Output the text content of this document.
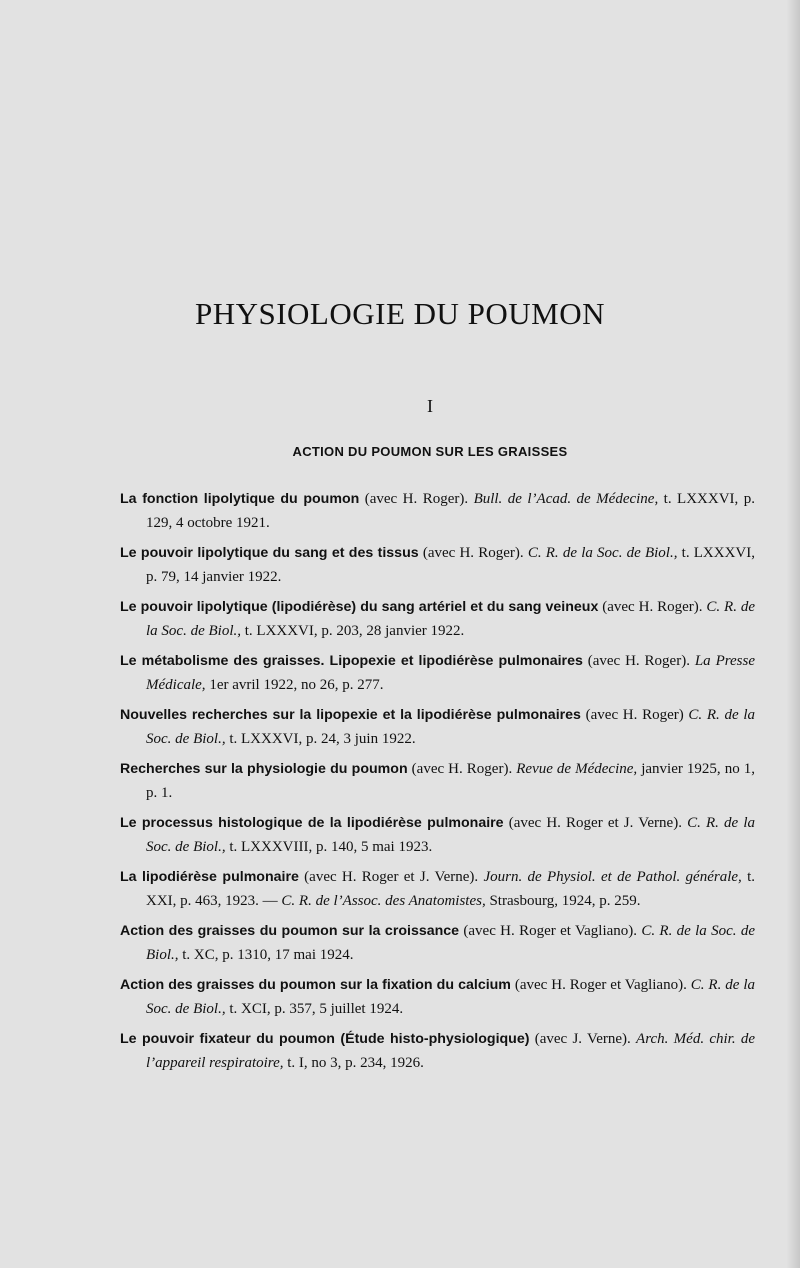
PHYSIOLOGIE DU POUMON
I
ACTION DU POUMON SUR LES GRAISSES
La fonction lipolytique du poumon (avec H. Roger). Bull. de l’Acad. de Médecine, t. LXXXVI, p. 129, 4 octobre 1921.
Le pouvoir lipolytique du sang et des tissus (avec H. Roger). C. R. de la Soc. de Biol., t. LXXXVI, p. 79, 14 janvier 1922.
Le pouvoir lipolytique (lipodiérèse) du sang artériel et du sang veineux (avec H. Roger). C. R. de la Soc. de Biol., t. LXXXVI, p. 203, 28 janvier 1922.
Le métabolisme des graisses. Lipopexie et lipodiérèse pulmonaires (avec H. Roger). La Presse Médicale, 1er avril 1922, no 26, p. 277.
Nouvelles recherches sur la lipopexie et la lipodiérèse pulmonaires (avec H. Roger) C. R. de la Soc. de Biol., t. LXXXVI, p. 24, 3 juin 1922.
Recherches sur la physiologie du poumon (avec H. Roger). Revue de Médecine, janvier 1925, no 1, p. 1.
Le processus histologique de la lipodiérèse pulmonaire (avec H. Roger et J. Verne). C. R. de la Soc. de Biol., t. LXXXVIII, p. 140, 5 mai 1923.
La lipodiérèse pulmonaire (avec H. Roger et J. Verne). Journ. de Physiol. et de Pathol. générale, t. XXI, p. 463, 1923. — C. R. de l’Assoc. des Anatomistes, Strasbourg, 1924, p. 259.
Action des graisses du poumon sur la croissance (avec H. Roger et Vagliano). C. R. de la Soc. de Biol., t. XC, p. 1310, 17 mai 1924.
Action des graisses du poumon sur la fixation du calcium (avec H. Roger et Vagliano). C. R. de la Soc. de Biol., t. XCI, p. 357, 5 juillet 1924.
Le pouvoir fixateur du poumon (Étude histo-physiologique) (avec J. Verne). Arch. Méd. chir. de l’appareil respiratoire, t. I, no 3, p. 234, 1926.
